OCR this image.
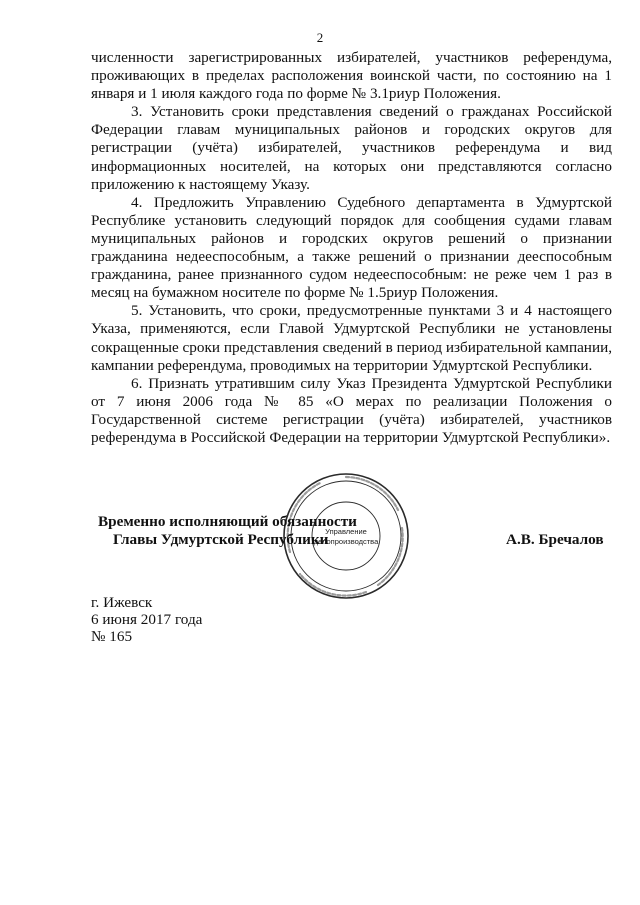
2

численности зарегистрированных избирателей, участников референдума, проживающих в пределах расположения воинской части, по состоянию на 1 января и 1 июля каждого года по форме № 3.1риур Положения.

3. Установить сроки представления сведений о гражданах Российской Федерации главам муниципальных районов и городских округов для регистрации (учёта) избирателей, участников референдума и вид информационных носителей, на которых они представляются согласно приложению к настоящему Указу.

4. Предложить Управлению Судебного департамента в Удмуртской Республике установить следующий порядок для сообщения судами главам муниципальных районов и городских округов решений о признании гражданина недееспособным, а также решений о признании дееспособным гражданина, ранее признанного судом недееспособным: не реже чем 1 раз в месяц на бумажном носителе по форме № 1.5риур Положения.

5. Установить, что сроки, предусмотренные пунктами 3 и 4 настоящего Указа, применяются, если Главой Удмуртской Республики не установлены сокращенные сроки представления сведений в период избирательной кампании, кампании референдума, проводимых на территории Удмуртской Республики.

6. Признать утратившим силу Указ Президента Удмуртской Республики от 7 июня 2006 года № 85 «О мерах по реализации Положения о Государственной системе регистрации (учёта) избирателей, участников референдума в Российской Федерации на территории Удмуртской Республики».

Управление
делопроизводства
Временно исполняющий обязанности
Главы Удмуртской Республики	А.В. Бречалов
г. Ижевск
6 июня 2017 года
№ 165
